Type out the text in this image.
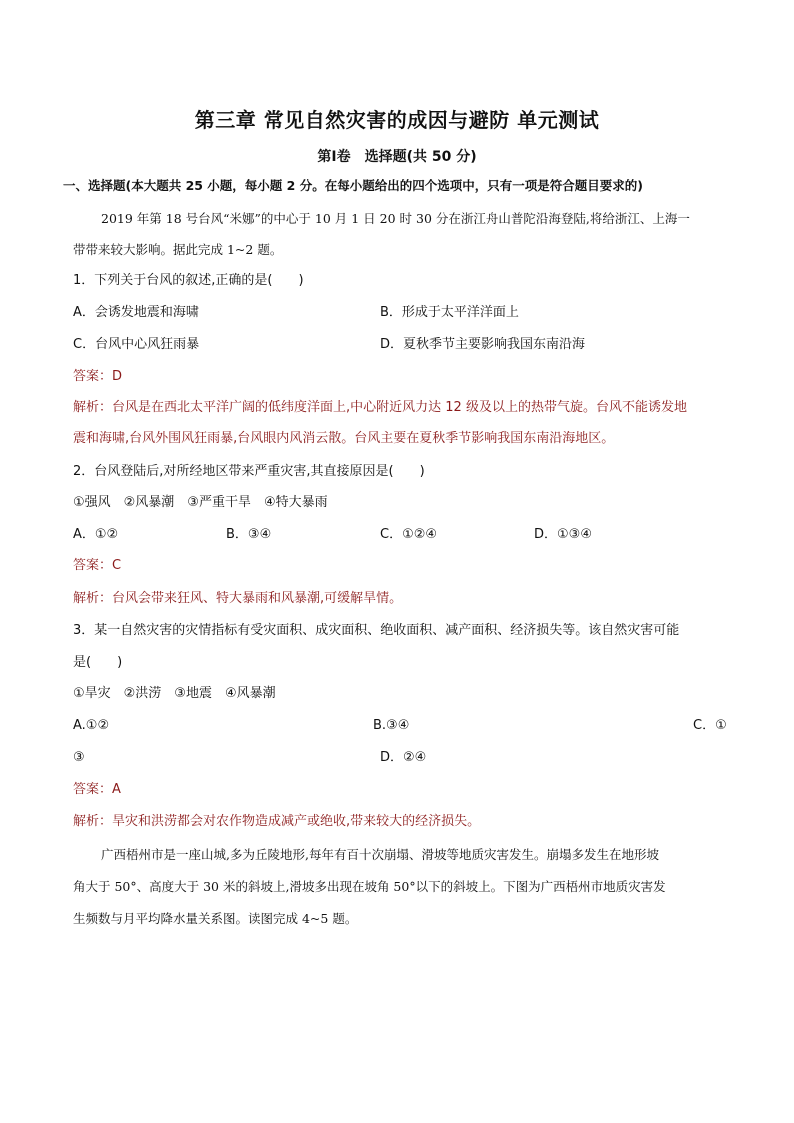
第三章 常见自然灾害的成因与避防 单元测试
第Ⅰ卷　选择题(共 50 分)
一、选择题(本大题共 25 小题，每小题 2 分。在每小题给出的四个选项中，只有一项是符合题目要求的)
2019 年第 18 号台风“米娜”的中心于 10 月 1 日 20 时 30 分在浙江舟山普陀沿海登陆,将给浙江、上海一
带带来较大影响。据此完成 1~2 题。
1．下列关于台风的叙述,正确的是(　　)
A．会诱发地震和海啸	B．形成于太平洋洋面上
C．台风中心风狂雨暴	D．夏秋季节主要影响我国东南沿海
答案：D
解析：台风是在西北太平洋广阔的低纬度洋面上,中心附近风力达 12 级及以上的热带气旋。台风不能诱发地
震和海啸,台风外围风狂雨暴,台风眼内风消云散。台风主要在夏秋季节影响我国东南沿海地区。
2．台风登陆后,对所经地区带来严重灾害,其直接原因是(　　)
①强风　②风暴潮　③严重干旱　④特大暴雨
A．①②	B．③④	C．①②④	D．①③④
答案：C
解析：台风会带来狂风、特大暴雨和风暴潮,可缓解旱情。
3．某一自然灾害的灾情指标有受灾面积、成灾面积、绝收面积、减产面积、经济损失等。该自然灾害可能
是(　　)
①旱灾　②洪涝　③地震　④风暴潮
A.①②	B.③④	C．①
③	D．②④
答案：A
解析：旱灾和洪涝都会对农作物造成减产或绝收,带来较大的经济损失。
广西梧州市是一座山城,多为丘陵地形,每年有百十次崩塌、滑坡等地质灾害发生。崩塌多发生在地形坡
角大于 50°、高度大于 30 米的斜坡上,滑坡多出现在坡角 50°以下的斜坡上。下图为广西梧州市地质灾害发
生频数与月平均降水量关系图。读图完成 4~5 题。
